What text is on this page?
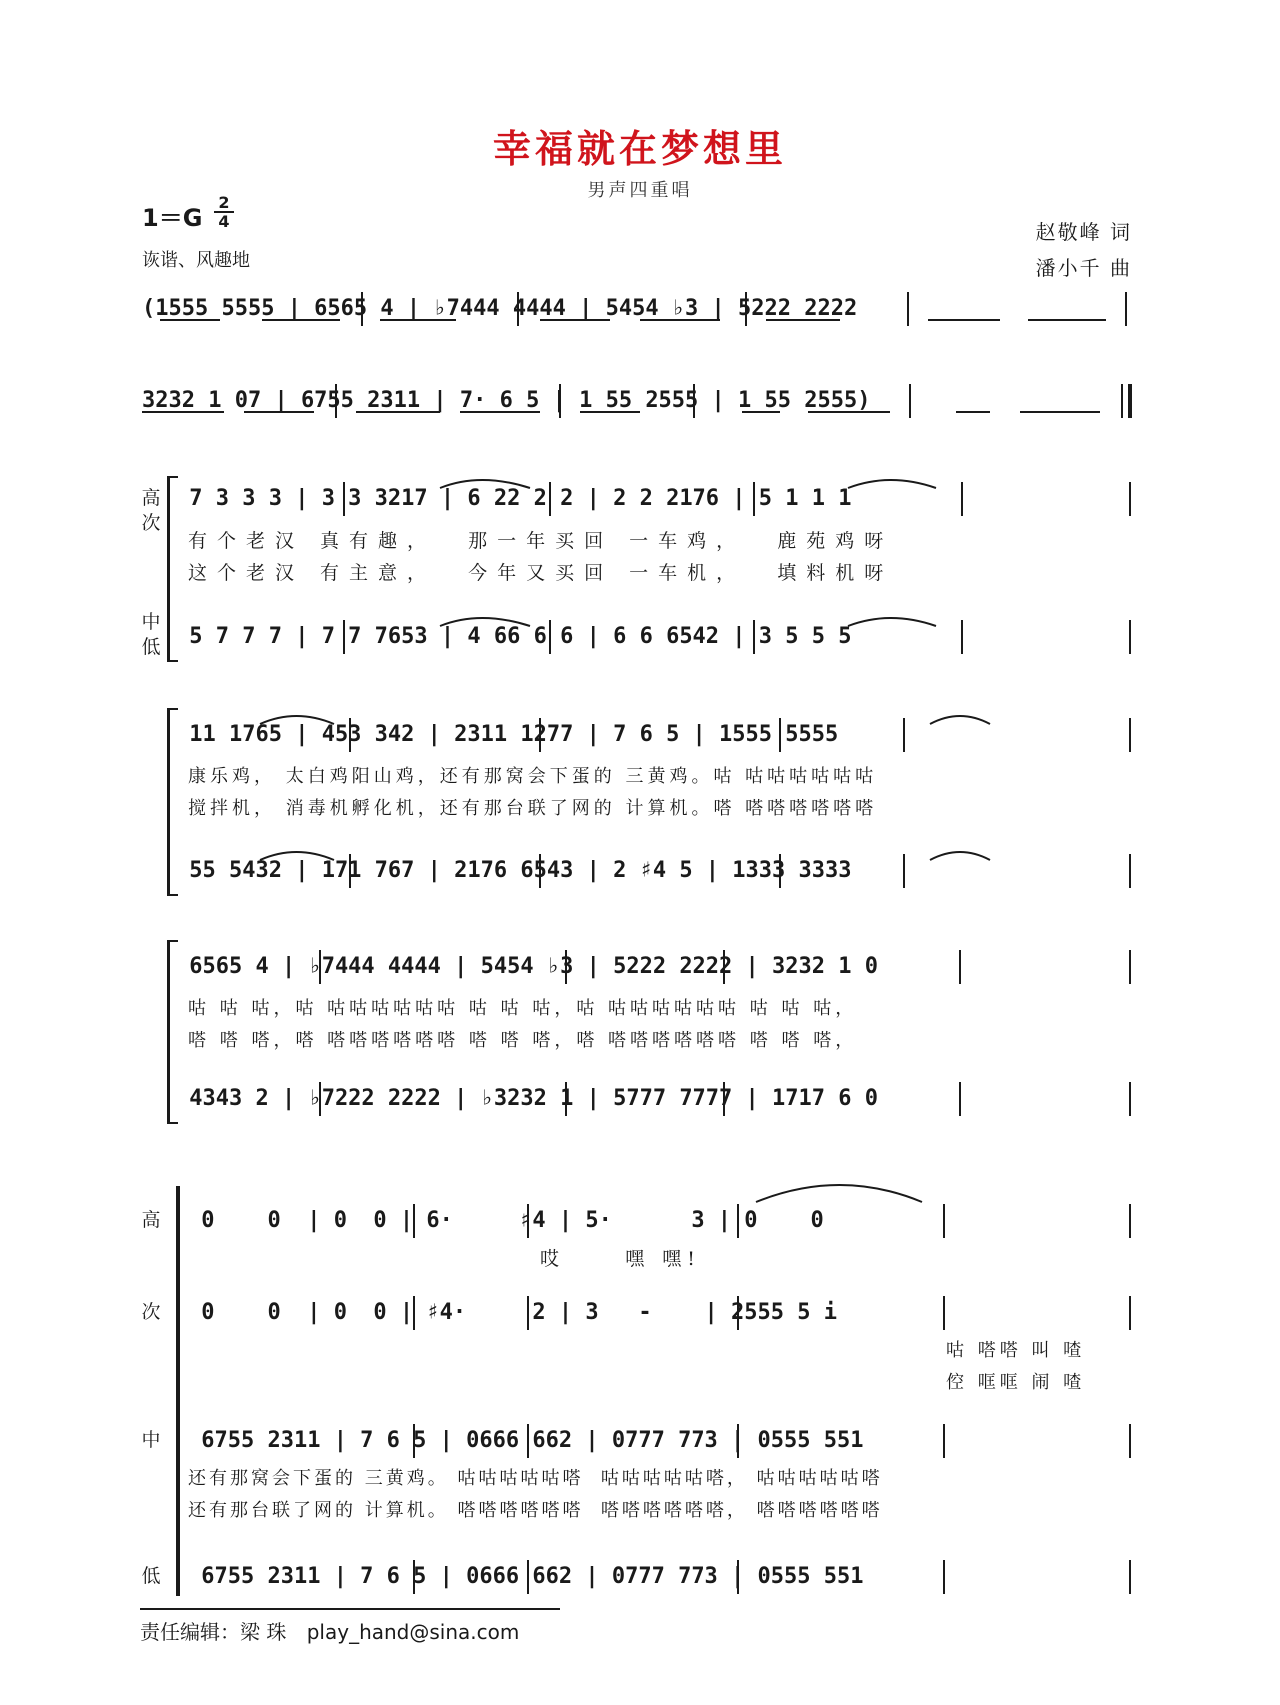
幸福就在梦想里
男声四重唱
1＝G
2
4
诙谐、风趣地
赵敬峰 词
潘小千 曲
(1555 5555 | 6565 4 | ♭7444 4444 | 5454 ♭3 | 5222 2222
3232 1 07 | 6755 2311 | 7· 6 5 | 1 55 2555 | 1 55 2555)
高次
中低
7 3 3 3 | 3 3 3217 | 6 22 2 2 | 2 2 2176 | 5 1 1 1
有个老汉 真有趣，  那一年买回 一车鸡，  鹿苑鸡呀
这个老汉 有主意，  今年又买回 一车机，  填料机呀
5 7 7 7 | 7 7 7653 | 4 66 6 6 | 6 6 6542 | 3 5 5 5
11 1765 | 453 342 | 2311 1277 | 7 6 5 | 1555 5555
康乐鸡， 太白鸡阳山鸡，还有那窝会下蛋的 三黄鸡。咕 咕咕咕咕咕咕
搅拌机， 消毒机孵化机，还有那台联了网的 计算机。嗒 嗒嗒嗒嗒嗒嗒
55 5432 | 171 767 | 2176 6543 | 2 ♯4 5 | 1333 3333
6565 4 | ♭7444 4444 | 5454 ♭3 | 5222 2222 | 3232 1 0
咕 咕 咕，咕 咕咕咕咕咕咕 咕 咕 咕，咕 咕咕咕咕咕咕 咕 咕 咕，
嗒 嗒 嗒，嗒 嗒嗒嗒嗒嗒嗒 嗒 嗒 嗒，嗒 嗒嗒嗒嗒嗒嗒 嗒 嗒 嗒，
4343 2 | ♭7222 2222 | ♭3232 1 | 5777 7777 | 1717 6 0
高
次
中
低
0    0  | 0  0 | 6·     ♯4 | 5·      3 | 0    0
哎     嘿 嘿!
0    0  | 0  0 | ♯4·     2 | 3   -    | 2555 5 i
咕 嗒嗒 叫 喳
倥 哐哐 闹 喳
6755 2311 | 7 6 5 | 0666 662 | 0777 773 | 0555 551
还有那窝会下蛋的 三黄鸡。 咕咕咕咕咕嗒  咕咕咕咕咕嗒， 咕咕咕咕咕嗒
还有那台联了网的 计算机。 嗒嗒嗒嗒嗒嗒  嗒嗒嗒嗒嗒嗒， 嗒嗒嗒嗒嗒嗒
6755 2311 | 7 6 5 | 0666 662 | 0777 773 | 0555 551
责任编辑：梁 珠 play_hand@sina.com
